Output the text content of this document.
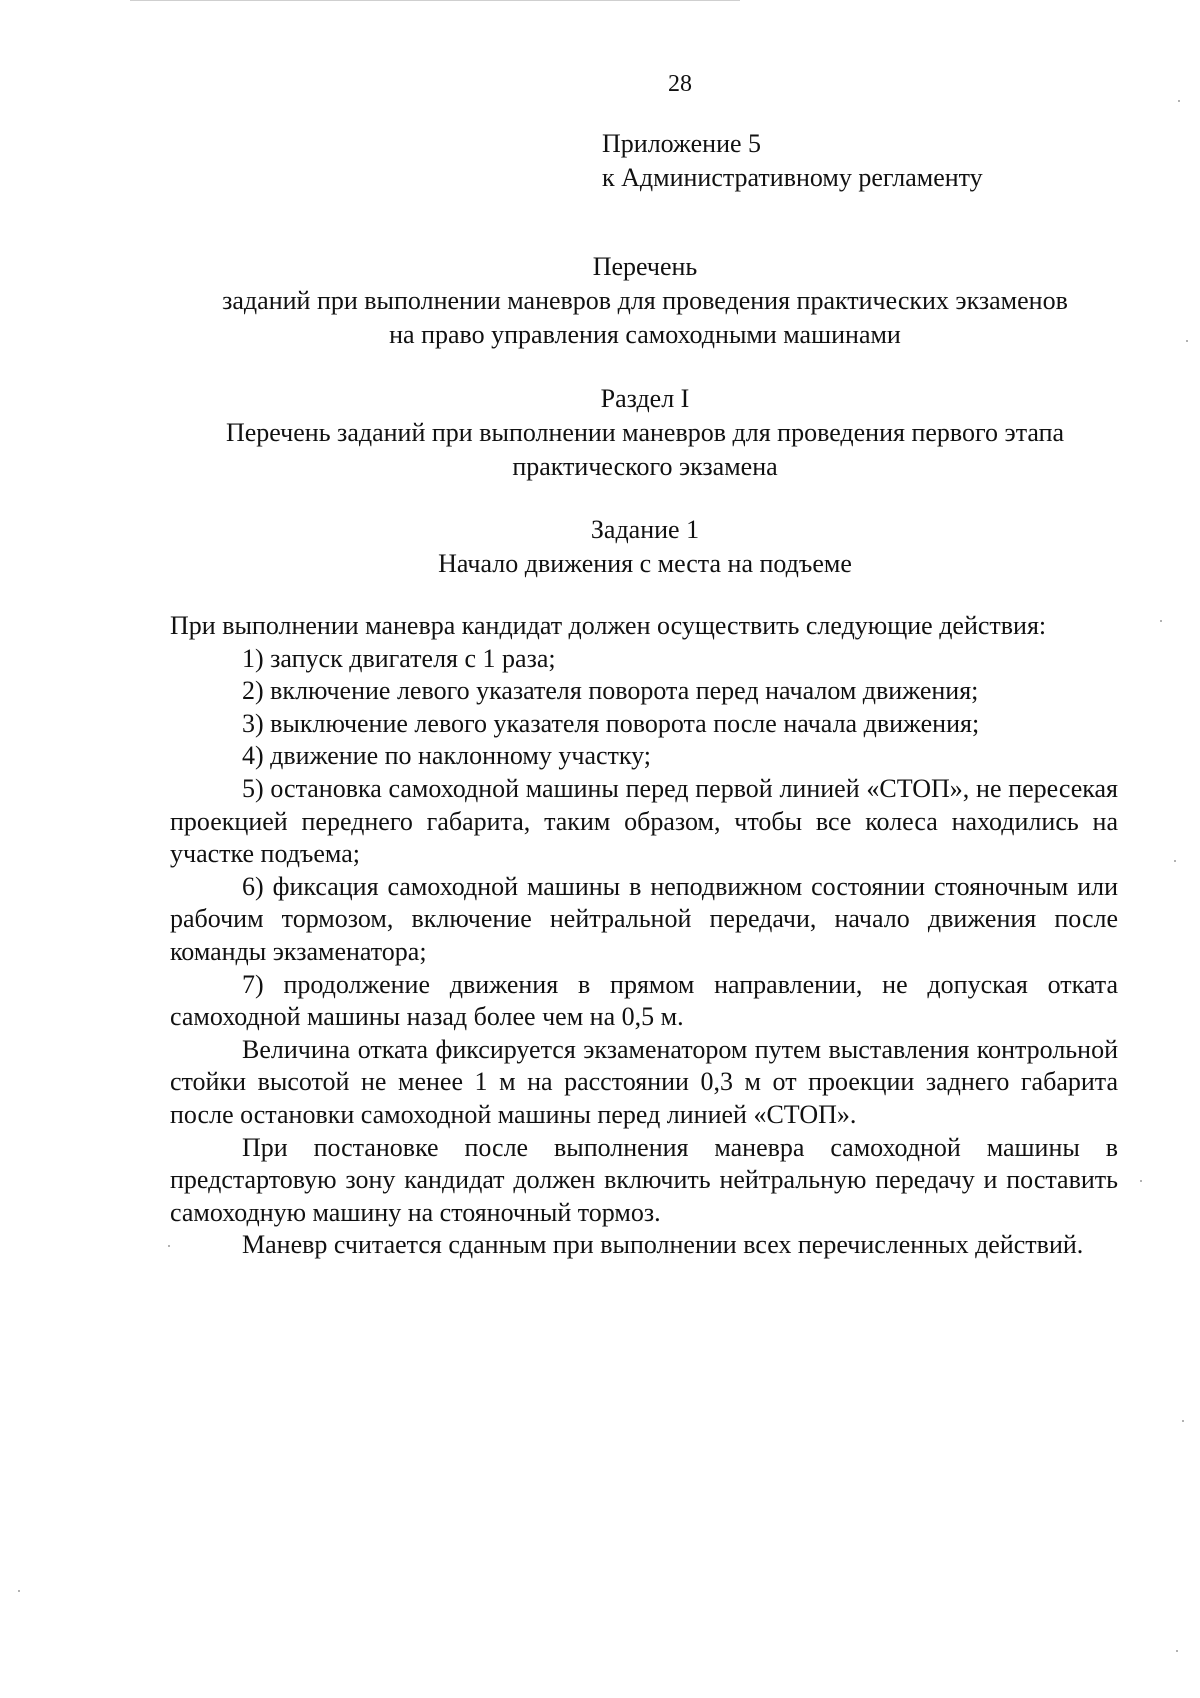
28
Приложение 5
к Административному регламенту
Перечень
заданий при выполнении маневров для проведения практических экзаменов
на право управления самоходными машинами
Раздел I
Перечень заданий при выполнении маневров для проведения первого этапа
практического экзамена
Задание 1
Начало движения с места на подъеме

При выполнении маневра кандидат должен осуществить следующие действия:

1) запуск двигателя с 1 раза;

2) включение левого указателя поворота перед началом движения;

3) выключение левого указателя поворота после начала движения;

4) движение по наклонному участку;

5) остановка самоходной машины перед первой линией «СТОП», не пересекая проекцией переднего габарита, таким образом, чтобы все колеса находились на участке подъема;

6) фиксация самоходной машины в неподвижном состоянии стояночным или рабочим тормозом, включение нейтральной передачи, начало движения после команды экзаменатора;

7) продолжение движения в прямом направлении, не допуская отката самоходной машины назад более чем на 0,5 м.

Величина отката фиксируется экзаменатором путем выставления контрольной стойки высотой не менее 1 м на расстоянии 0,3 м от проекции заднего габарита после остановки самоходной машины перед линией «СТОП».

При постановке после выполнения маневра самоходной машины в предстартовую зону кандидат должен включить нейтральную передачу и поставить самоходную машину на стояночный тормоз.

Маневр считается сданным при выполнении всех перечисленных действий.
